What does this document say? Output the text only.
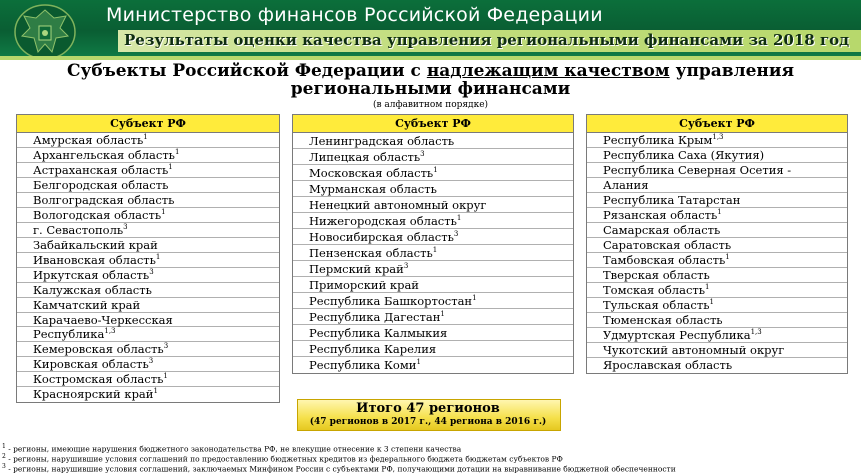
Министерство финансов Российской Федерации
Результаты оценки качества управления региональными финансами за 2018 год
Субъекты Российской Федерации с надлежащим качеством управления
региональными финансами
(в алфавитном порядке)
Субъект РФ
Амурская область$^1$
Архангельская область$^1$
Астраханская область$^1$
Белгородская область
Волгоградская область
Вологодская область$^1$
г. Севастополь$^3$
Забайкальский край
Ивановская область$^1$
Иркутская область$^3$
Калужская область
Камчатский край
Карачаево-Черкесская
Республика$^{1,3}$
Кемеровская область$^3$
Кировская область$^3$
Костромская область$^1$
Красноярский край$^1$
Субъект РФ
Ленинградская область
Липецкая область$^3$
Московская область$^1$
Мурманская область
Ненецкий автономный округ
Нижегородская область$^1$
Новосибирская область$^3$
Пензенская область$^1$
Пермский край$^3$
Приморский край
Республика Башкортостан$^1$
Республика Дагестан$^1$
Республика Калмыкия
Республика Карелия
Республика Коми$^1$
Субъект РФ
Республика Крым$^{1,3}$
Республика Саха (Якутия)
Республика Северная Осетия -
Алания
Республика Татарстан
Рязанская область$^1$
Самарская область
Саратовская область
Тамбовская область$^1$
Тверская область
Томская область$^1$
Тульская область$^1$
Тюменская область
Удмуртская Республика$^{1,3}$
Чукотский автономный округ
Ярославская область
Итого 47 регионов
(47 регионов в 2017 г., 44 региона в 2016 г.)
$^1$ - регионы, имеющие нарушения бюджетного законодательства РФ, не влекущие отнесение к 3 степени качества
$^2$ - регионы, нарушившие условия соглашений по предоставлению бюджетных кредитов из федерального бюджета бюджетам субъектов РФ
$^3$ - регионы, нарушившие условия соглашений, заключаемых Минфином России с субъектами РФ, получающими дотации на выравнивание бюджетной обеспеченности
